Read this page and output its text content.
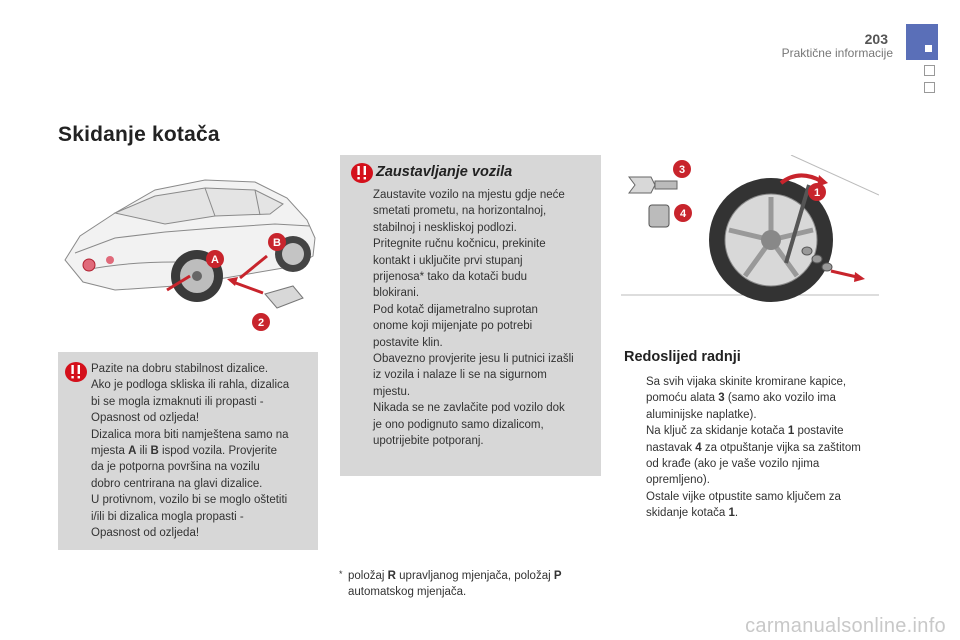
203
Praktične informacije
Skidanje kotača
A
B
2
Pazite na dobru stabilnost dizalice.
Ako je podloga skliska ili rahla, dizalica
bi se mogla izmaknuti ili propasti -
Opasnost od ozljeda!
Dizalica mora biti namještena samo na
mjesta A ili B ispod vozila. Provjerite
da je potporna površina na vozilu
dobro centrirana na glavi dizalice.
U protivnom, vozilo bi se moglo oštetiti
i/ili bi dizalica mogla propasti -
Opasnost od ozljeda!
Zaustavljanje vozila
Zaustavite vozilo na mjestu gdje neće
smetati prometu, na horizontalnoj,
stabilnoj i neskliskoj podlozi.
Pritegnite ručnu kočnicu, prekinite
kontakt i uključite prvi stupanj
prijenosa* tako da kotači budu
blokirani.
Pod kotač dijametralno suprotan
onome koji mijenjate po potrebi
postavite klin.
Obavezno provjerite jesu li putnici izašli
iz vozila i nalaze li se na sigurnom
mjestu.
Nikada se ne zavlačite pod vozilo dok
je ono podignuto samo dizalicom,
upotrijebite potporanj.
* položaj R upravljanog mjenjača, položaj P
automatskog mjenjača.
1
3
4
Redoslijed radnji
Sa svih vijaka skinite kromirane kapice,
pomoću alata 3 (samo ako vozilo ima
aluminijske naplatke).
Na ključ za skidanje kotača 1 postavite
nastavak 4 za otpuštanje vijka sa zaštitom
od krađe (ako je vaše vozilo njima
opremljeno).
Ostale vijke otpustite samo ključem za
skidanje kotača 1.
carmanualsonline.info
